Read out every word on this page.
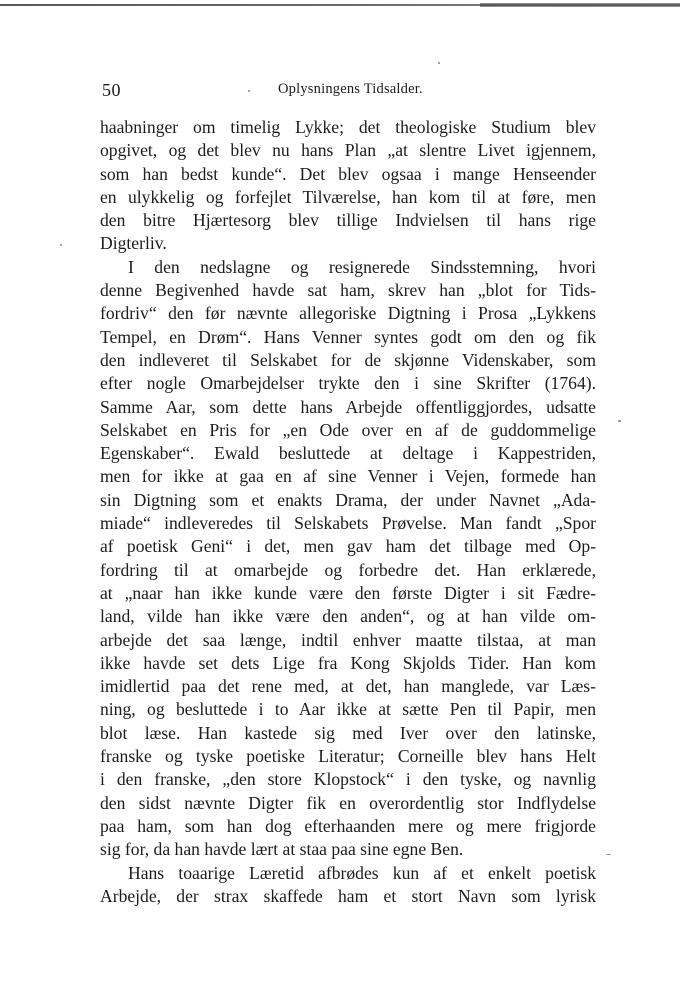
50	Oplysningens Tidsalder.
haabninger om timelig Lykke; det theologiske Studium blev
opgivet, og det blev nu hans Plan „at slentre Livet igjennem,
som han bedst kunde“. Det blev ogsaa i mange Henseender
en ulykkelig og forfejlet Tilværelse, han kom til at føre, men
den bitre Hjærtesorg blev tillige Indvielsen til hans rige
Digterliv.
I den nedslagne og resignerede Sindsstemning, hvori
denne Begivenhed havde sat ham, skrev han „blot for Tids-
fordriv“ den før nævnte allegoriske Digtning i Prosa „Lykkens
Tempel, en Drøm“. Hans Venner syntes godt om den og fik
den indleveret til Selskabet for de skjønne Videnskaber, som
efter nogle Omarbejdelser trykte den i sine Skrifter (1764).
Samme Aar, som dette hans Arbejde offentliggjordes, udsatte
Selskabet en Pris for „en Ode over en af de guddommelige
Egenskaber“. Ewald besluttede at deltage i Kappestriden,
men for ikke at gaa en af sine Venner i Vejen, formede han
sin Digtning som et enakts Drama, der under Navnet „Ada-
miade“ indleveredes til Selskabets Prøvelse. Man fandt „Spor
af poetisk Geni“ i det, men gav ham det tilbage med Op-
fordring til at omarbejde og forbedre det. Han erklærede,
at „naar han ikke kunde være den første Digter i sit Fædre-
land, vilde han ikke være den anden“, og at han vilde om-
arbejde det saa længe, indtil enhver maatte tilstaa, at man
ikke havde set dets Lige fra Kong Skjolds Tider. Han kom
imidlertid paa det rene med, at det, han manglede, var Læs-
ning, og besluttede i to Aar ikke at sætte Pen til Papir, men
blot læse. Han kastede sig med Iver over den latinske,
franske og tyske poetiske Literatur; Corneille blev hans Helt
i den franske, „den store Klopstock“ i den tyske, og navnlig
den sidst nævnte Digter fik en overordentlig stor Indflydelse
paa ham, som han dog efterhaanden mere og mere frigjorde
sig for, da han havde lært at staa paa sine egne Ben.
Hans toaarige Læretid afbrødes kun af et enkelt poetisk
Arbejde, der strax skaffede ham et stort Navn som lyrisk
